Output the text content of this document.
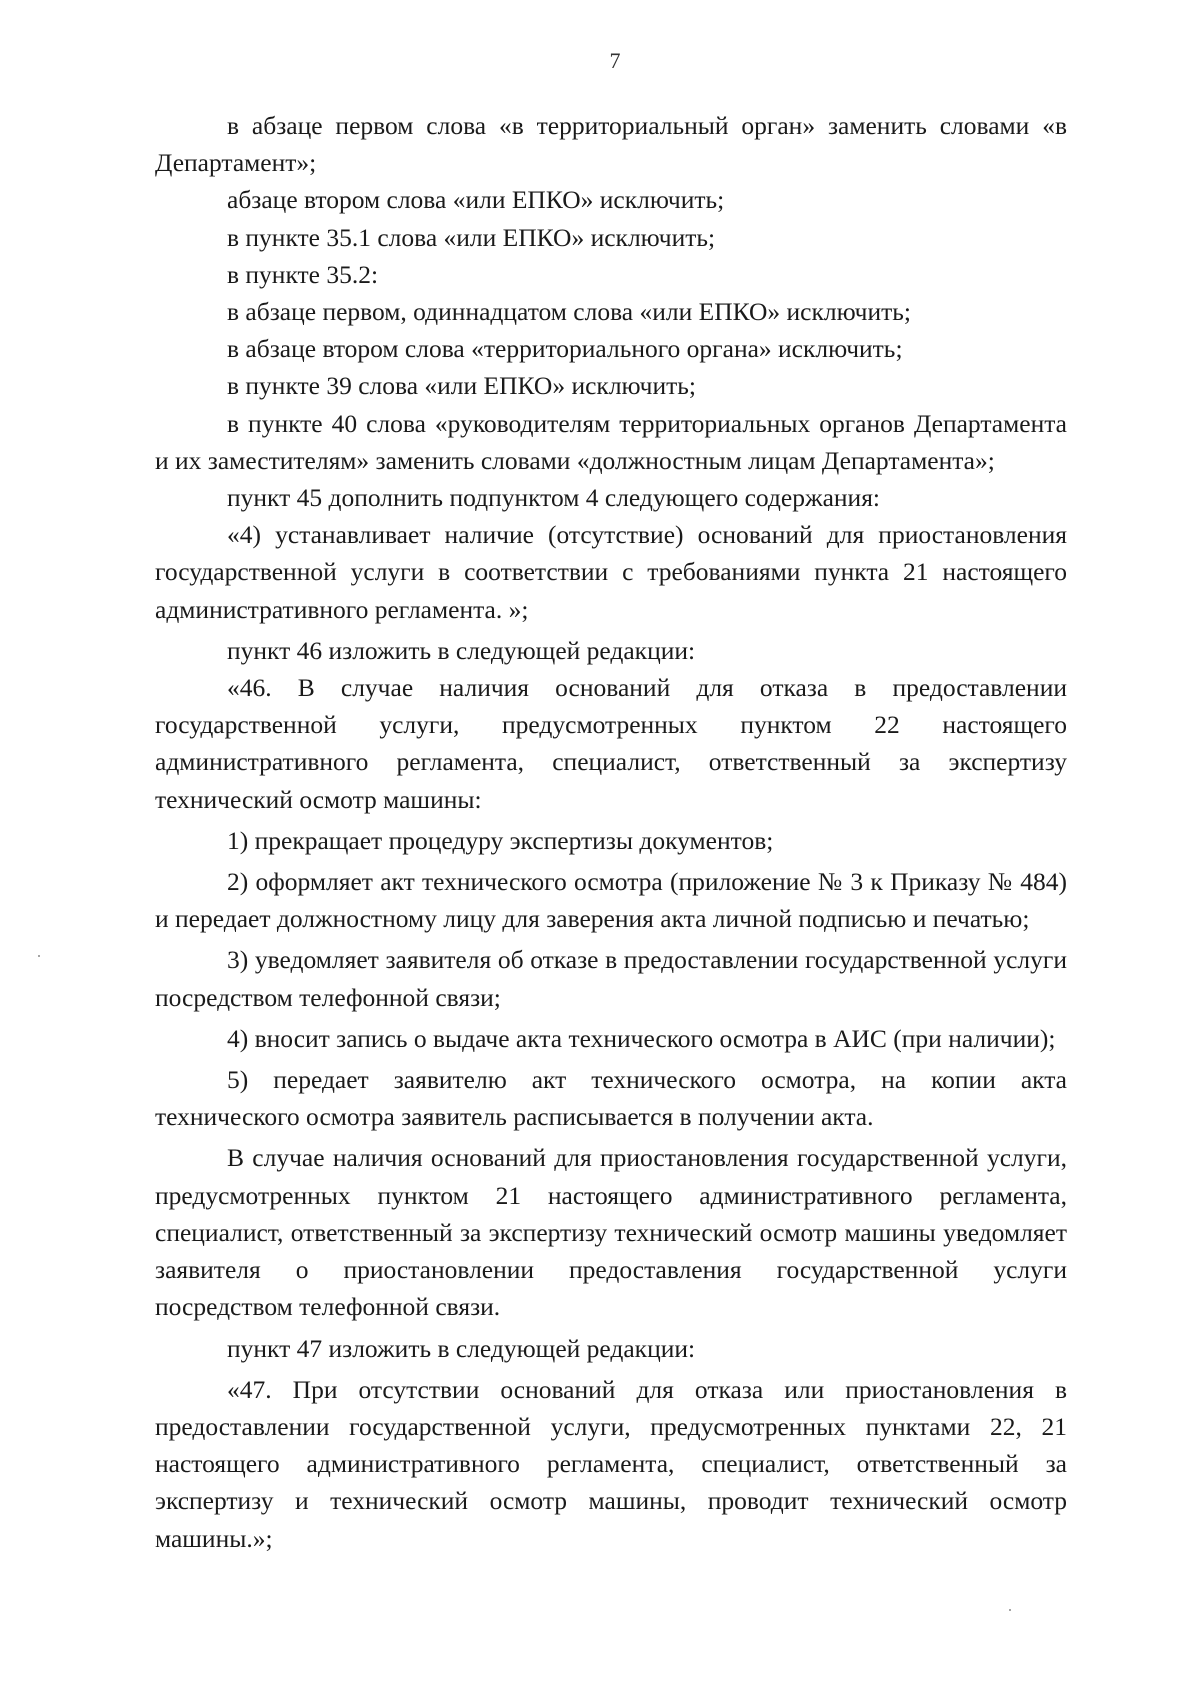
7

в абзаце первом слова «в территориальный орган» заменить словами «в Департамент»;

абзаце втором слова «или ЕПКО» исключить;

в пункте 35.1 слова «или ЕПКО» исключить;

в пункте 35.2:

в абзаце первом, одиннадцатом слова «или ЕПКО» исключить;

в абзаце втором слова «территориального органа» исключить;

в пункте 39 слова «или ЕПКО» исключить;

в пункте 40 слова «руководителям территориальных органов Департамента и их заместителям» заменить словами «должностным лицам Департамента»;

пункт 45 дополнить подпунктом 4 следующего содержания:

«4) устанавливает наличие (отсутствие) оснований для приостановления государственной услуги в соответствии с требованиями пункта 21 настоящего административного регламента. »;

пункт 46 изложить в следующей редакции:

«46. В случае наличия оснований для отказа в предоставлении государственной услуги, предусмотренных пунктом 22 настоящего административного регламента, специалист, ответственный за экспертизу технический осмотр машины:

1) прекращает процедуру экспертизы документов;

2) оформляет акт технического осмотра (приложение № 3 к Приказу № 484) и передает должностному лицу для заверения акта личной подписью и печатью;

3) уведомляет заявителя об отказе в предоставлении государственной услуги посредством телефонной связи;

4) вносит запись о выдаче акта технического осмотра в АИС (при наличии);

5) передает заявителю акт технического осмотра, на копии акта технического осмотра заявитель расписывается в получении акта.

В случае наличия оснований для приостановления государственной услуги, предусмотренных пунктом 21 настоящего административного регламента, специалист, ответственный за экспертизу технический осмотр машины уведомляет заявителя о приостановлении предоставления государственной услуги посредством телефонной связи.

пункт 47 изложить в следующей редакции:

«47. При отсутствии оснований для отказа или приостановления в предоставлении государственной услуги, предусмотренных пунктами 22, 21 настоящего административного регламента, специалист, ответственный за экспертизу и технический осмотр машины, проводит технический осмотр машины.»;
